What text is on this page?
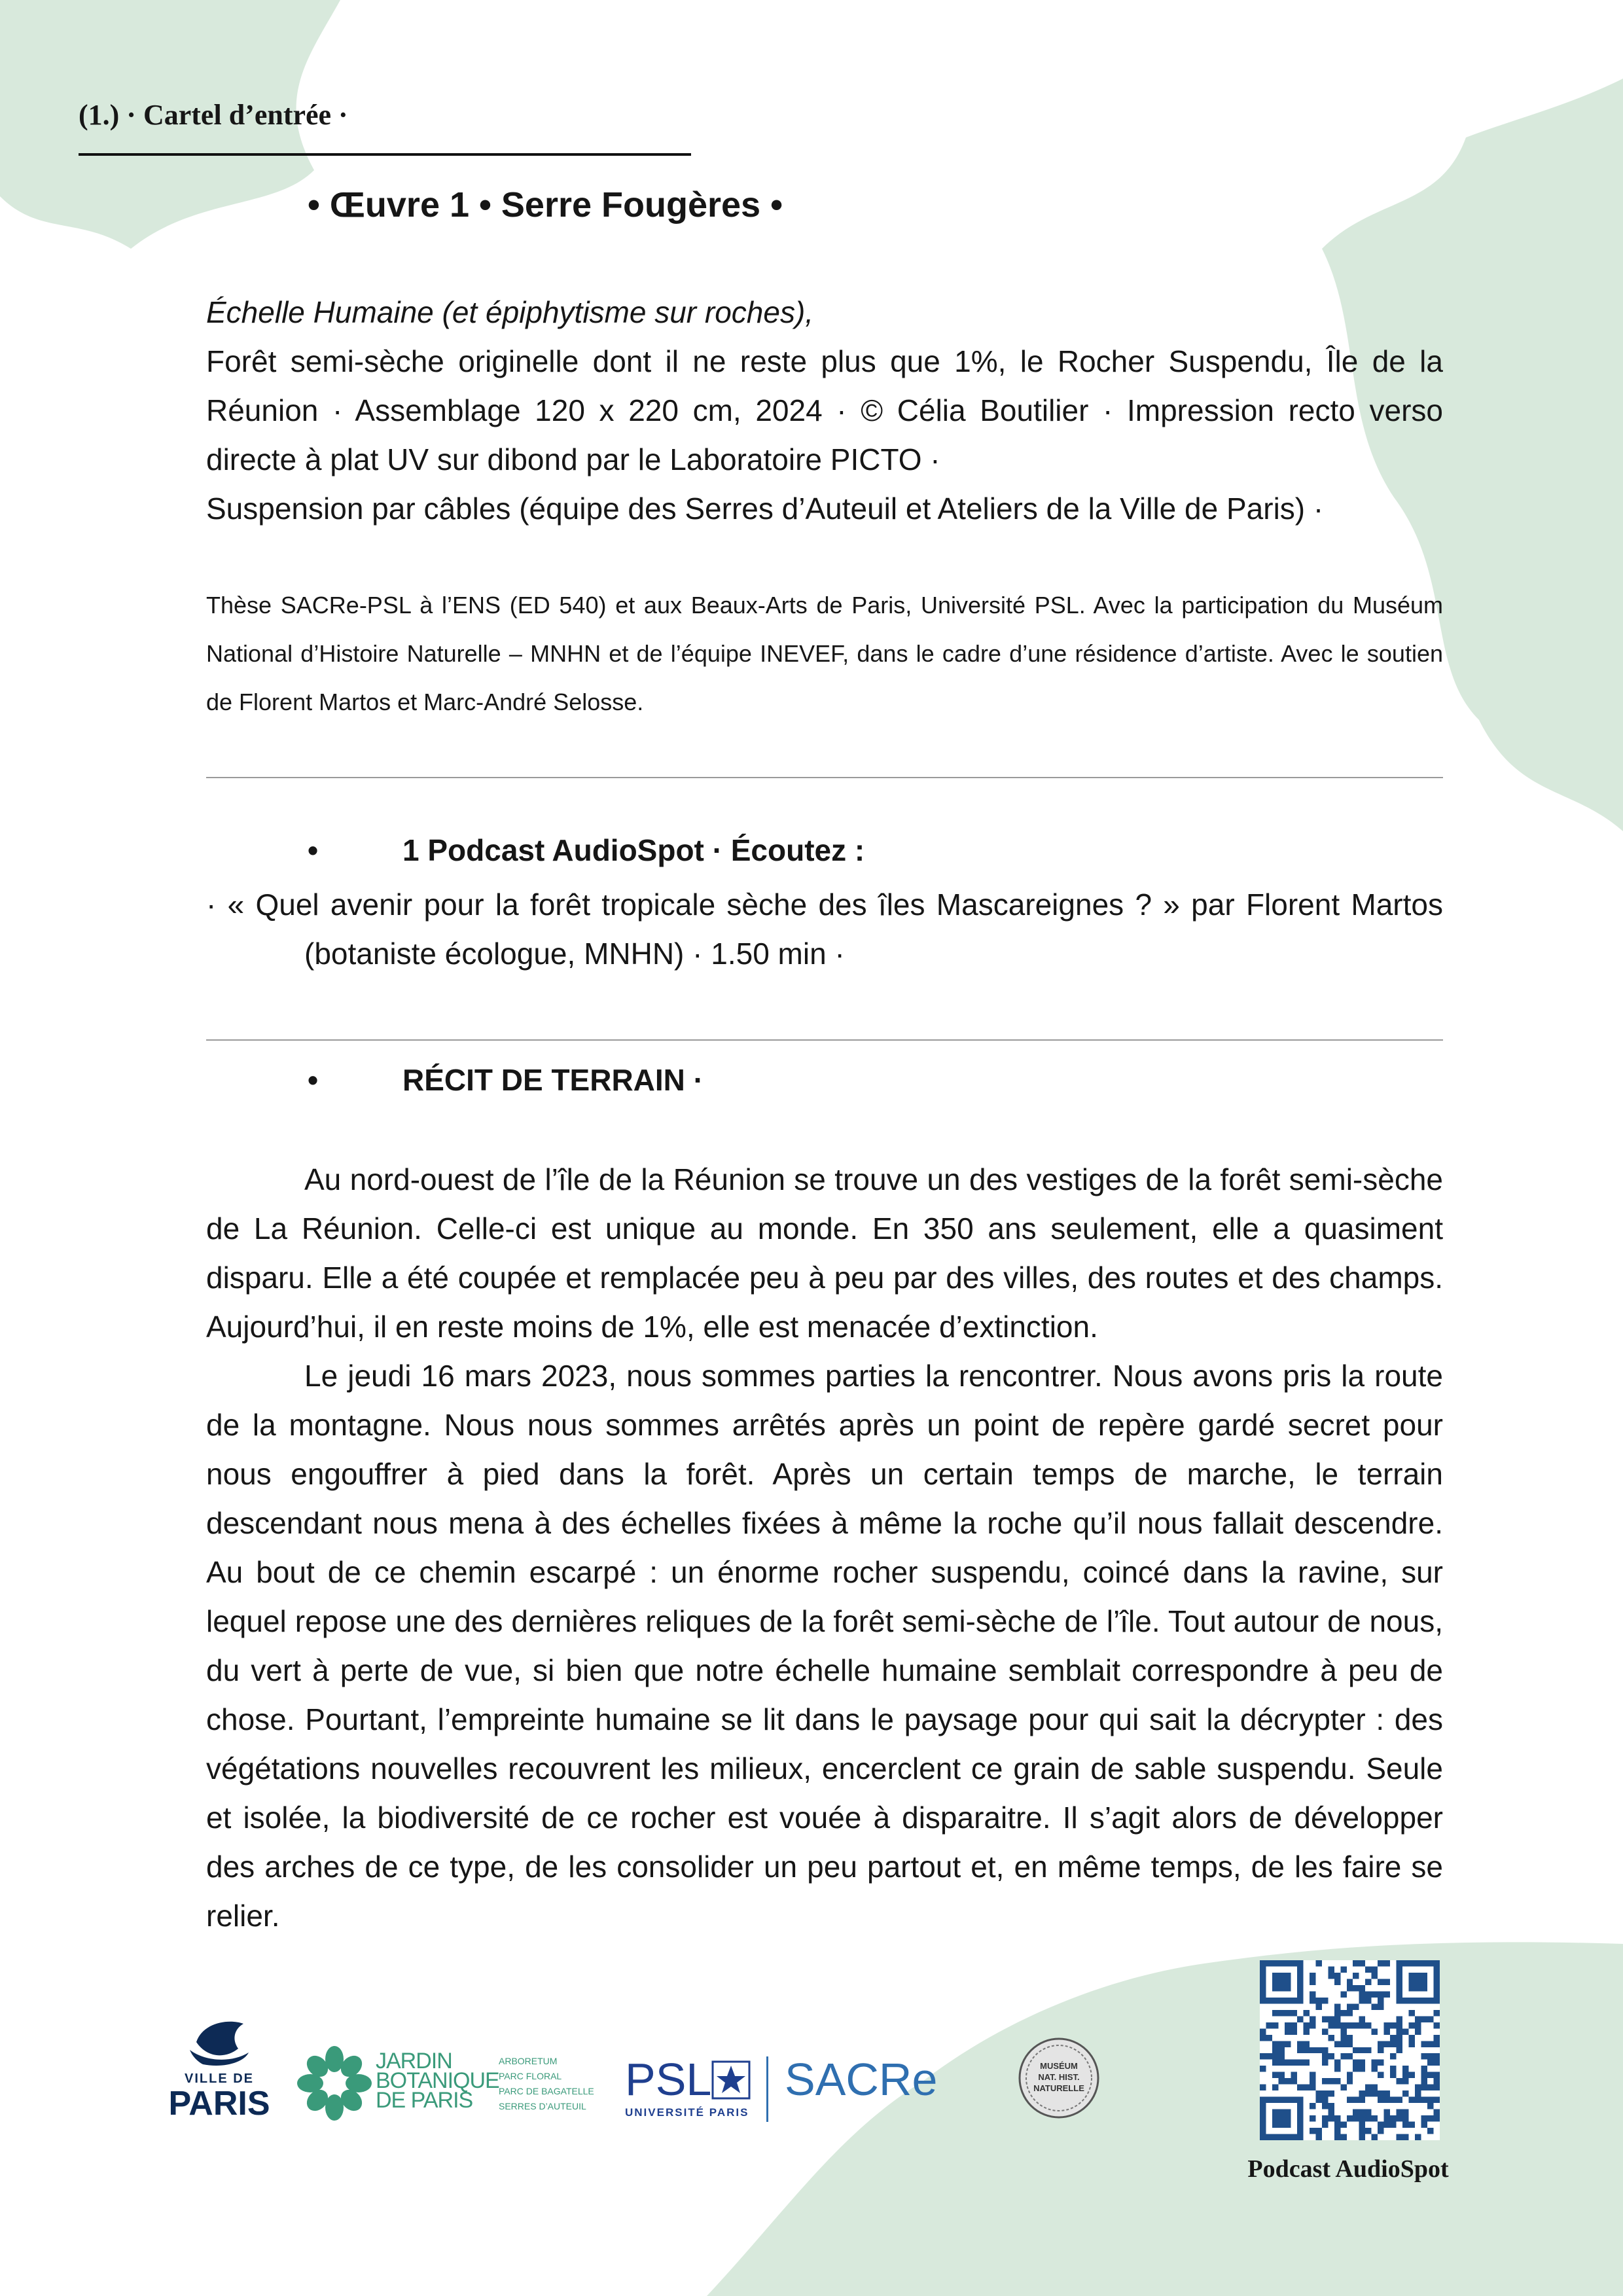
(1.) · Cartel d’entrée ·
• Œuvre 1 • Serre Fougères •
Échelle Humaine (et épiphytisme sur roches),
Forêt semi-sèche originelle dont il ne reste plus que 1%, le Rocher Suspendu, Île de la
Réunion · Assemblage 120 x 220 cm, 2024 · © Célia Boutilier · Impression recto verso
directe à plat UV sur dibond par le Laboratoire PICTO ·
Suspension par câbles (équipe des Serres d’Auteuil et Ateliers de la Ville de Paris) ·
Thèse SACRe-PSL à l’ENS (ED 540) et aux Beaux-Arts de Paris, Université PSL. Avec la participation du Muséum National d’Histoire Naturelle – MNHN et de l’équipe INEVEF, dans le cadre d’une résidence d’artiste. Avec le soutien de Florent Martos et Marc-André Selosse.
•	1 Podcast AudioSpot · Écoutez :
· « Quel avenir pour la forêt tropicale sèche des îles Mascareignes ? » par Florent Martos
(botaniste écologue, MNHN) · 1.50 min ·
•	RÉCIT DE TERRAIN ·
Au nord-ouest de l’île de la Réunion se trouve un des vestiges de la forêt semi-sèche de La Réunion. Celle-ci est unique au monde. En 350 ans seulement, elle a quasiment disparu. Elle a été coupée et remplacée peu à peu par des villes, des routes et des champs. Aujourd’hui, il en reste moins de 1%, elle est menacée d’extinction.
Le jeudi 16 mars 2023, nous sommes parties la rencontrer. Nous avons pris la route de la montagne. Nous nous sommes arrêtés après un point de repère gardé secret pour nous engouffrer à pied dans la forêt. Après un certain temps de marche, le terrain descendant nous mena à des échelles fixées à même la roche qu’il nous fallait descendre. Au bout de ce chemin escarpé : un énorme rocher suspendu, coincé dans la ravine, sur lequel repose une des dernières reliques de la forêt semi-sèche de l’île. Tout autour de nous, du vert à perte de vue, si bien que notre échelle humaine semblait correspondre à peu de chose. Pourtant, l’empreinte humaine se lit dans le paysage pour qui sait la décrypter : des végétations nouvelles recouvrent les milieux, encerclent ce grain de sable suspendu. Seule et isolée, la biodiversité de ce rocher est vouée à disparaitre. Il s’agit alors de développer des arches de ce type, de les consolider un peu partout et, en même temps, de les faire se relier.
VILLE DE
PARIS
JARDIN
BOTANIQUE
DE PARIS
ARBORETUM
PARC FLORAL
PARC DE BAGATELLE
SERRES D’AUTEUIL
PSL
UNIVERSITÉ PARIS
SACRe	MUSÉUM
NAT. HIST.
NATURELLE
Podcast AudioSpot
